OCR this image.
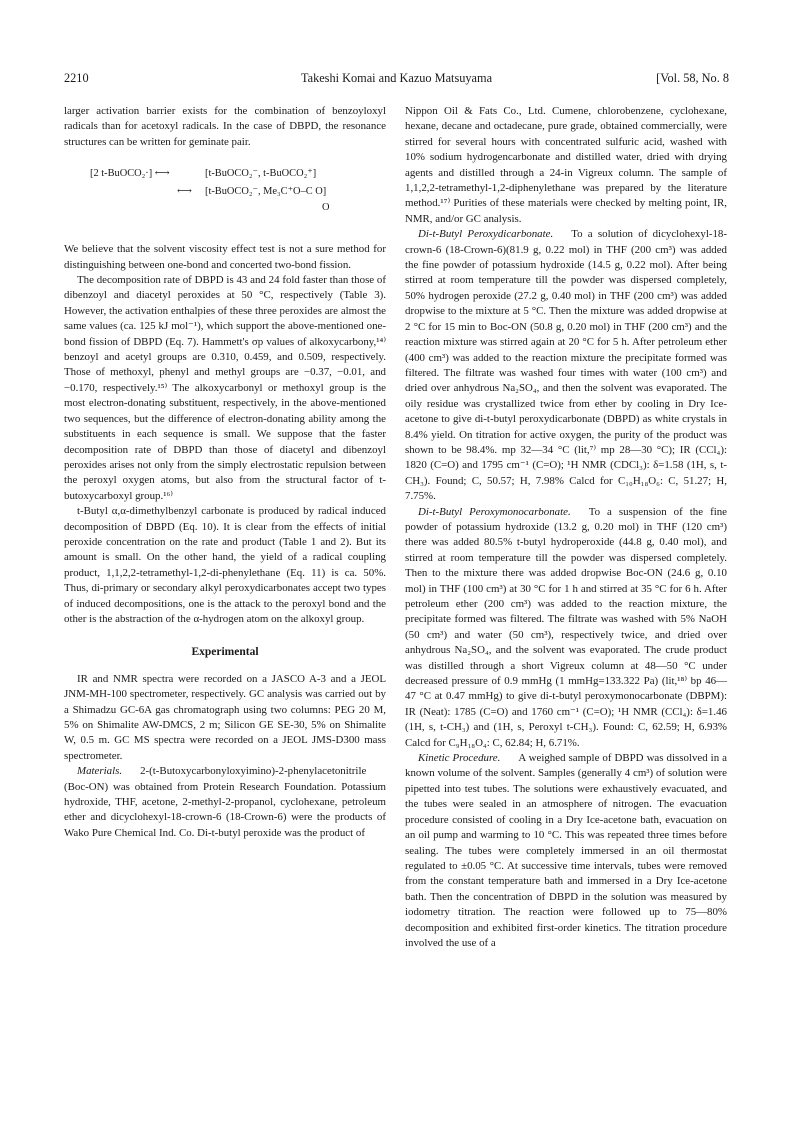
2210	Takeshi Komai and Kazuo Matsuyama	[Vol. 58, No. 8

larger activation barrier exists for the combination of benzoyloxyl radicals than for acetoxyl radicals. In the case of DBPD, the resonance structures can be written for geminate pair.

[2 t-BuOCO₂·] ⟷	[t-BuOCO₂⁻, t-BuOCO₂⁺]
⟷ [t-BuOCO₂⁻, Me₃C⁺O–C O]
O

We believe that the solvent viscosity effect test is not a sure method for distinguishing between one-bond and concerted two-bond fission.

The decomposition rate of DBPD is 43 and 24 fold faster than those of dibenzoyl and diacetyl peroxides at 50 °C, respectively (Table 3). However, the activation enthalpies of these three peroxides are almost the same values (ca. 125 kJ mol⁻¹), which support the above-mentioned one-bond fission of DBPD (Eq. 7). Hammett's σp values of alkoxycarbony,¹⁴⁾ benzoyl and acetyl groups are 0.310, 0.459, and 0.509, respectively. Those of methoxyl, phenyl and methyl groups are −0.37, −0.01, and −0.170, respectively.¹⁵⁾ The alkoxycarbonyl or methoxyl group is the most electron-donating substituent, respectively, in the above-mentioned two sequences, but the difference of electron-donating ability among the substituents in each sequence is small. We suppose that the faster decomposition rate of DBPD than those of diacetyl and dibenzoyl peroxides arises not only from the simply electrostatic repulsion between the peroxyl oxygen atoms, but also from the structural factor of t-butoxycarboxyl group.¹⁶⁾

t-Butyl α,α-dimethylbenzyl carbonate is produced by radical induced decomposition of DBPD (Eq. 10). It is clear from the effects of initial peroxide concentration on the rate and product (Table 1 and 2). But its amount is small. On the other hand, the yield of a radical coupling product, 1,1,2,2-tetramethyl-1,2-di-phenylethane (Eq. 11) is ca. 50%. Thus, di-primary or secondary alkyl peroxydicarbonates accept two types of induced decompositions, one is the attack to the peroxyl bond and the other is the abstraction of the α-hydrogen atom on the alkoxyl group.

Experimental

IR and NMR spectra were recorded on a JASCO A-3 and a JEOL JNM-MH-100 spectrometer, respectively. GC analysis was carried out by a Shimadzu GC-6A gas chromatograph using two columns: PEG 20 M, 5% on Shimalite AW-DMCS, 2 m; Silicon GE SE-30, 5% on Shimalite W, 0.5 m. GC MS spectra were recorded on a JEOL JMS-D300 mass spectrometer.

Materials. 2-(t-Butoxycarbonyloxyimino)-2-phenylacetonitrile (Boc-ON) was obtained from Protein Research Foundation. Potassium hydroxide, THF, acetone, 2-methyl-2-propanol, cyclohexane, petroleum ether and dicyclohexyl-18-crown-6 (18-Crown-6) were the products of Wako Pure Chemical Ind. Co. Di-t-butyl peroxide was the product of

Nippon Oil & Fats Co., Ltd. Cumene, chlorobenzene, cyclohexane, hexane, decane and octadecane, pure grade, obtained commercially, were stirred for several hours with concentrated sulfuric acid, washed with 10% sodium hydrogencarbonate and distilled water, dried with drying agents and distilled through a 24-in Vigreux column. The sample of 1,1,2,2-tetramethyl-1,2-diphenylethane was prepared by the literature method.¹⁷⁾ Purities of these materials were checked by melting point, IR, NMR, and/or GC analysis.

Di-t-Butyl Peroxydicarbonate. To a solution of dicyclohexyl-18-crown-6 (18-Crown-6)(81.9 g, 0.22 mol) in THF (200 cm³) was added the fine powder of potassium hydroxide (14.5 g, 0.22 mol). After being stirred at room temperature till the powder was dispersed completely, 50% hydrogen peroxide (27.2 g, 0.40 mol) in THF (200 cm³) was added dropwise to the mixture at 5 °C. Then the mixture was added dropwise at 2 °C for 15 min to Boc-ON (50.8 g, 0.20 mol) in THF (200 cm³) and the reaction mixture was stirred again at 20 °C for 5 h. After petroleum ether (400 cm³) was added to the reaction mixture the precipitate formed was filtered. The filtrate was washed four times with water (100 cm³) and dried over anhydrous Na₂SO₄, and then the solvent was evaporated. The oily residue was crystallized twice from ether by cooling in Dry Ice-acetone to give di-t-butyl peroxydicarbonate (DBPD) as white crystals in 8.4% yield. On titration for active oxygen, the purity of the product was shown to be 98.4%. mp 32—34 °C (lit,⁷⁾ mp 28—30 °C); IR (CCl₄): 1820 (C=O) and 1795 cm⁻¹ (C=O); ¹H NMR (CDCl₃): δ=1.58 (1H, s, t-CH₃). Found; C, 50.57; H, 7.98% Calcd for C₁₀H₁₈O₆: C, 51.27; H, 7.75%.

Di-t-Butyl Peroxymonocarbonate. To a suspension of the fine powder of potassium hydroxide (13.2 g, 0.20 mol) in THF (120 cm³) there was added 80.5% t-butyl hydroperoxide (44.8 g, 0.40 mol), and stirred at room temperature till the powder was dispersed completely. Then to the mixture there was added dropwise Boc-ON (24.6 g, 0.10 mol) in THF (100 cm³) at 30 °C for 1 h and stirred at 35 °C for 6 h. After petroleum ether (200 cm³) was added to the reaction mixture, the precipitate formed was filtered. The filtrate was washed with 5% NaOH (50 cm³) and water (50 cm³), respectively twice, and dried over anhydrous Na₂SO₄, and the solvent was evaporated. The crude product was distilled through a short Vigreux column at 48—50 °C under decreased pressure of 0.9 mmHg (1 mmHg=133.322 Pa) (lit,¹⁸⁾ bp 46—47 °C at 0.47 mmHg) to give di-t-butyl peroxymonocarbonate (DBPM): IR (Neat): 1785 (C=O) and 1760 cm⁻¹ (C=O); ¹H NMR (CCl₄): δ=1.46 (1H, s, t-CH₃) and (1H, s, Peroxyl t-CH₃). Found: C, 62.59; H, 6.93% Calcd for C₉H₁₈O₄: C, 62.84; H, 6.71%.

Kinetic Procedure. A weighed sample of DBPD was dissolved in a known volume of the solvent. Samples (generally 4 cm³) of solution were pipetted into test tubes. The solutions were exhaustively evacuated, and the tubes were sealed in an atmosphere of nitrogen. The evacuation procedure consisted of cooling in a Dry Ice-acetone bath, evacuation on an oil pump and warming to 10 °C. This was repeated three times before sealing. The tubes were completely immersed in an oil thermostat regulated to ±0.05 °C. At successive time intervals, tubes were removed from the constant temperature bath and immersed in a Dry Ice-acetone bath. Then the concentration of DBPD in the solution was measured by iodometry titration. The reaction were followed up to 75—80% decomposition and exhibited first-order kinetics. The titration procedure involved the use of a
